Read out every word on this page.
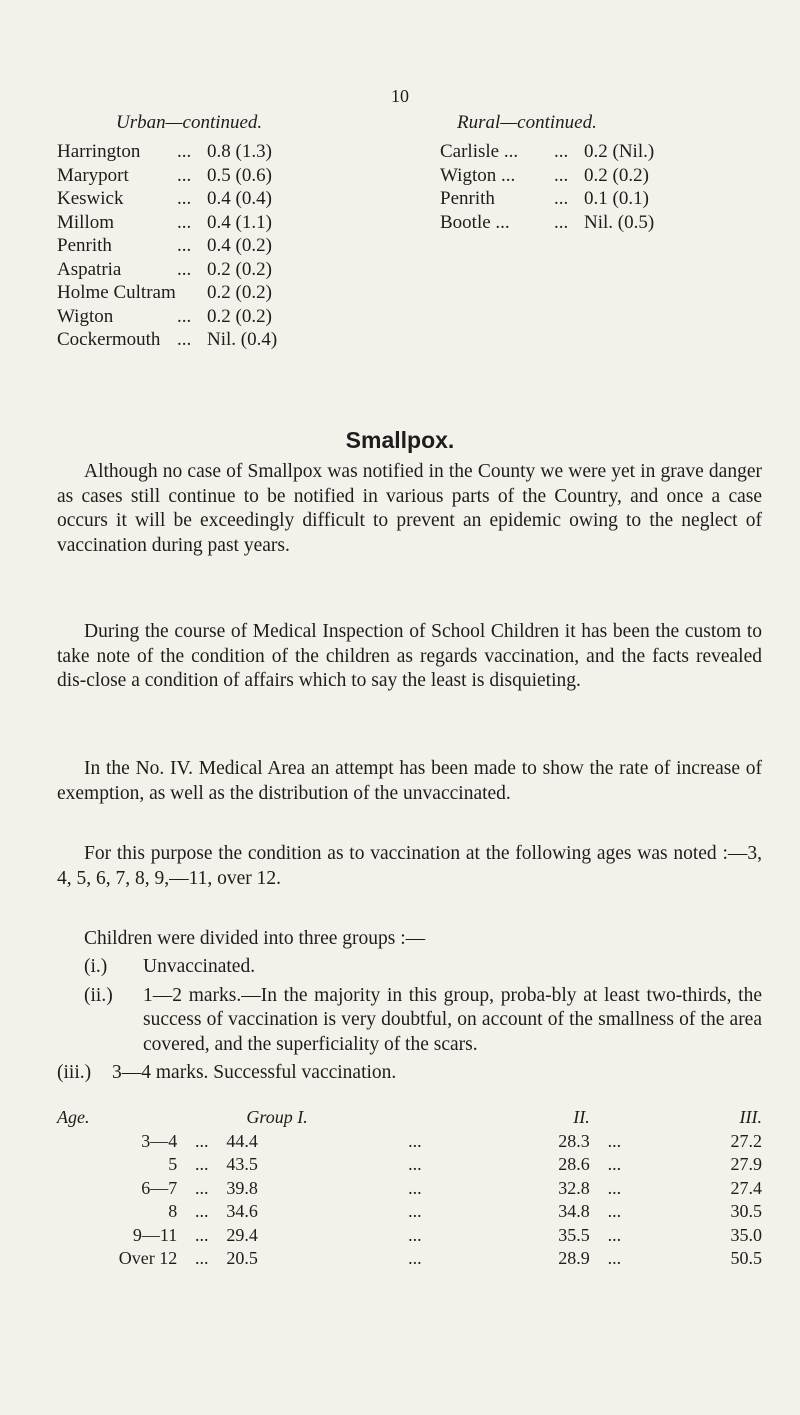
10
Urban—continued.	Rural—continued.
Harrington ... 0.8 (1.3)
Maryport	... 0.5 (0.6)
Keswick	... 0.4 (0.4)
Millom	... 0.4 (1.1)
Penrith	... 0.4 (0.2)
Aspatria	... 0.2 (0.2)
Holme Cultram 0.2 (0.2)
Wigton	... 0.2 (0.2)
Cockermouth ... Nil. (0.4)
Carlisle ... ... 0.2 (Nil.)
Wigton ... ... 0.2 (0.2)
Penrith	... 0.1 (0.1)
Bootle ... ... Nil. (0.5)
Smallpox.

Although no case of Smallpox was notified in the County we were yet in grave danger as cases still continue to be notified in various parts of the Country, and once a case occurs it will be exceedingly difficult to prevent an epidemic owing to the neglect of vaccination during past years.

During the course of Medical Inspection of School Children it has been the custom to take note of the condition of the children as regards vaccination, and the facts revealed dis-close a condition of affairs which to say the least is disquieting.

In the No. IV. Medical Area an attempt has been made to show the rate of increase of exemption, as well as the distribution of the unvaccinated.

For this purpose the condition as to vaccination at the following ages was noted :—3, 4, 5, 6, 7, 8, 9,—11, over 12.

Children were divided into three groups :—

(i.) Unvaccinated.
(ii.) 1—2 marks.—In the majority in this group, proba-bly at least two-thirds, the success of vaccination is very doubtful, on account of the smallness of the area covered, and the superficiality of the scars.
(iii.) 3—4 marks. Successful vaccination.
Age.		Group I.		II.		III.
3—4	...	44.4	...	28.3	...	27.2
5	...	43.5	...	28.6	...	27.9
6—7	...	39.8	...	32.8	...	27.4
8	...	34.6	...	34.8	...	30.5
9—11	...	29.4	...	35.5	...	35.0
Over 12	...	20.5	...	28.9	...	50.5
